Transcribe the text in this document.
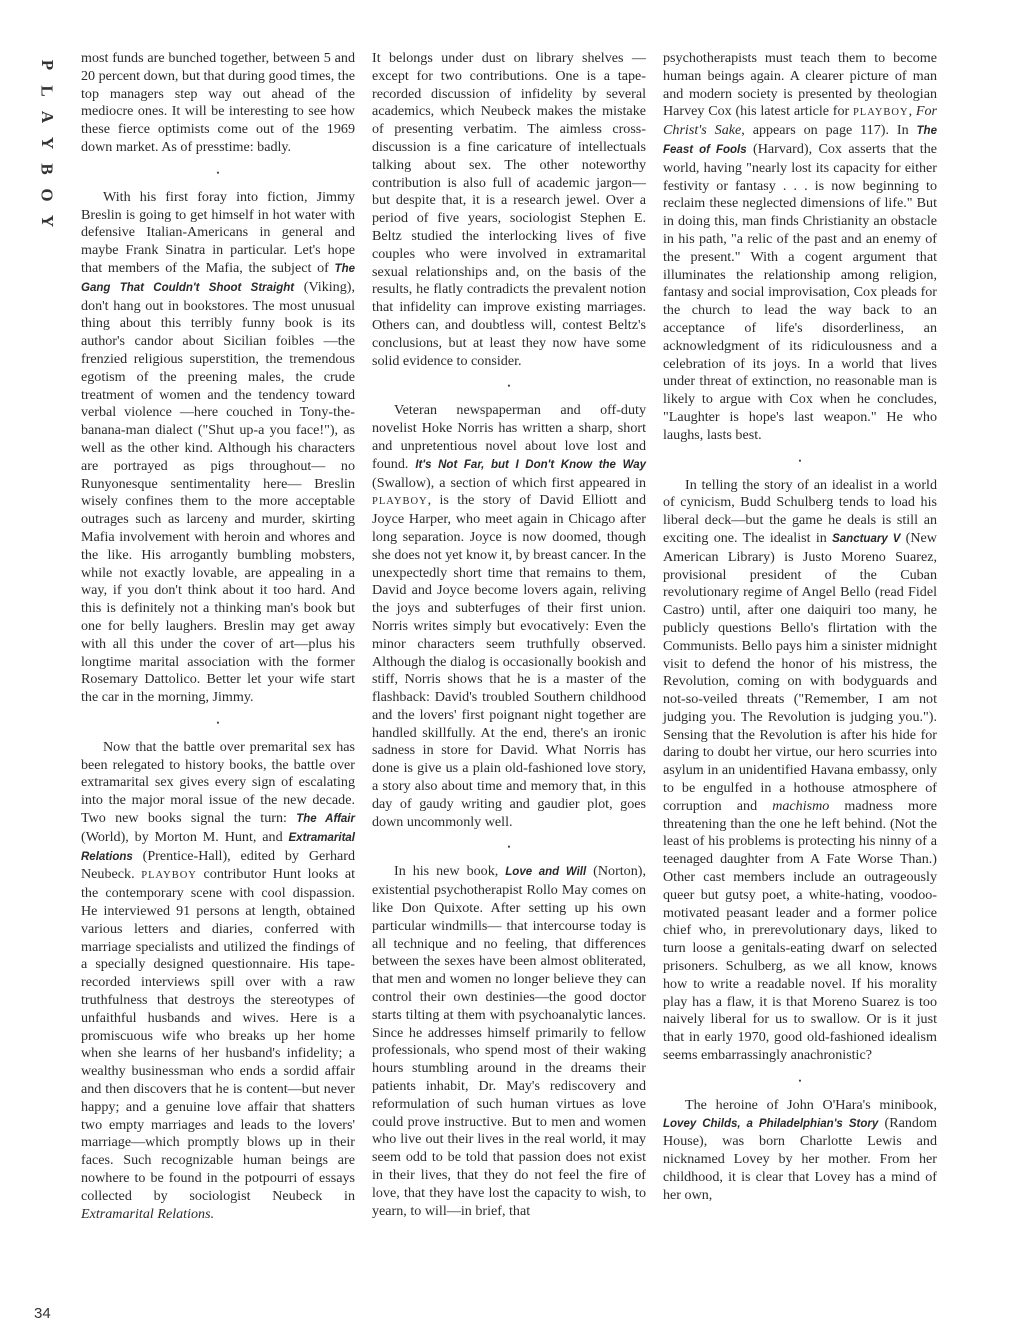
P
L
A
Y
B
O
Y

most funds are bunched together, between 5 and 20 percent down, but that during good times, the top managers step way out ahead of the mediocre ones. It will be interesting to see how these fierce optimists come out of the 1969 down market. As of presstime: badly.

•

With his first foray into fiction, Jimmy Breslin is going to get himself in hot water with defensive Italian-Americans in general and maybe Frank Sinatra in particular. Let's hope that members of the Mafia, the subject of The Gang That Couldn't Shoot Straight (Viking), don't hang out in bookstores. The most unusual thing about this terribly funny book is its author's candor about Sicilian foibles —the frenzied religious superstition, the tremendous egotism of the preening males, the crude treatment of women and the tendency toward verbal violence —here couched in Tony-the-banana-man dialect ("Shut up-a you face!"), as well as the other kind. Although his characters are portrayed as pigs throughout— no Runyonesque sentimentality here— Breslin wisely confines them to the more acceptable outrages such as larceny and murder, skirting Mafia involvement with heroin and whores and the like. His arrogantly bumbling mobsters, while not exactly lovable, are appealing in a way, if you don't think about it too hard. And this is definitely not a thinking man's book but one for belly laughers. Breslin may get away with all this under the cover of art—plus his longtime marital association with the former Rosemary Dattolico. Better let your wife start the car in the morning, Jimmy.

•

Now that the battle over premarital sex has been relegated to history books, the battle over extramarital sex gives every sign of escalating into the major moral issue of the new decade. Two new books signal the turn: The Affair (World), by Morton M. Hunt, and Extramarital Relations (Prentice-Hall), edited by Gerhard Neubeck. PLAYBOY contributor Hunt looks at the contemporary scene with cool dispassion. He interviewed 91 persons at length, obtained various letters and diaries, conferred with marriage specialists and utilized the findings of a specially designed questionnaire. His tape-recorded interviews spill over with a raw truthfulness that destroys the stereotypes of unfaithful husbands and wives. Here is a promiscuous wife who breaks up her home when she learns of her husband's infidelity; a wealthy businessman who ends a sordid affair and then discovers that he is content—but never happy; and a genuine love affair that shatters two empty marriages and leads to the lovers' marriage—which promptly blows up in their faces. Such recognizable human beings are nowhere to be found in the potpourri of essays collected by sociologist Neubeck in Extramarital Relations.

It belongs under dust on library shelves —except for two contributions. One is a tape-recorded discussion of infidelity by several academics, which Neubeck makes the mistake of presenting verbatim. The aimless cross-discussion is a fine caricature of intellectuals talking about sex. The other noteworthy contribution is also full of academic jargon—but despite that, it is a research jewel. Over a period of five years, sociologist Stephen E. Beltz studied the interlocking lives of five couples who were involved in extramarital sexual relationships and, on the basis of the results, he flatly contradicts the prevalent notion that infidelity can improve existing marriages. Others can, and doubtless will, contest Beltz's conclusions, but at least they now have some solid evidence to consider.

•

Veteran newspaperman and off-duty novelist Hoke Norris has written a sharp, short and unpretentious novel about love lost and found. It's Not Far, but I Don't Know the Way (Swallow), a section of which first appeared in PLAYBOY, is the story of David Elliott and Joyce Harper, who meet again in Chicago after long separation. Joyce is now doomed, though she does not yet know it, by breast cancer. In the unexpectedly short time that remains to them, David and Joyce become lovers again, reliving the joys and subterfuges of their first union. Norris writes simply but evocatively: Even the minor characters seem truthfully observed. Although the dialog is occasionally bookish and stiff, Norris shows that he is a master of the flashback: David's troubled Southern childhood and the lovers' first poignant night together are handled skillfully. At the end, there's an ironic sadness in store for David. What Norris has done is give us a plain old-fashioned love story, a story also about time and memory that, in this day of gaudy writing and gaudier plot, goes down uncommonly well.

•

In his new book, Love and Will (Norton), existential psychotherapist Rollo May comes on like Don Quixote. After setting up his own particular windmills— that intercourse today is all technique and no feeling, that differences between the sexes have been almost obliterated, that men and women no longer believe they can control their own destinies—the good doctor starts tilting at them with psychoanalytic lances. Since he addresses himself primarily to fellow professionals, who spend most of their waking hours stumbling around in the dreams their patients inhabit, Dr. May's rediscovery and reformulation of such human virtues as love could prove instructive. But to men and women who live out their lives in the real world, it may seem odd to be told that passion does not exist in their lives, that they do not feel the fire of love, that they have lost the capacity to wish, to yearn, to will—in brief, that

psychotherapists must teach them to become human beings again. A clearer picture of man and modern society is presented by theologian Harvey Cox (his latest article for PLAYBOY, For Christ's Sake, appears on page 117). In The Feast of Fools (Harvard), Cox asserts that the world, having "nearly lost its capacity for either festivity or fantasy . . . is now beginning to reclaim these neglected dimensions of life." But in doing this, man finds Christianity an obstacle in his path, "a relic of the past and an enemy of the present." With a cogent argument that illuminates the relationship among religion, fantasy and social improvisation, Cox pleads for the church to lead the way back to an acceptance of life's disorderliness, an acknowledgment of its ridiculousness and a celebration of its joys. In a world that lives under threat of extinction, no reasonable man is likely to argue with Cox when he concludes, "Laughter is hope's last weapon." He who laughs, lasts best.

•

In telling the story of an idealist in a world of cynicism, Budd Schulberg tends to load his liberal deck—but the game he deals is still an exciting one. The idealist in Sanctuary V (New American Library) is Justo Moreno Suarez, provisional president of the Cuban revolutionary regime of Angel Bello (read Fidel Castro) until, after one daiquiri too many, he publicly questions Bello's flirtation with the Communists. Bello pays him a sinister midnight visit to defend the honor of his mistress, the Revolution, coming on with bodyguards and not-so-veiled threats ("Remember, I am not judging you. The Revolution is judging you."). Sensing that the Revolution is after his hide for daring to doubt her virtue, our hero scurries into asylum in an unidentified Havana embassy, only to be engulfed in a hothouse atmosphere of corruption and machismo madness more threatening than the one he left behind. (Not the least of his problems is protecting his ninny of a teenaged daughter from A Fate Worse Than.) Other cast members include an outrageously queer but gutsy poet, a white-hating, voodoo-motivated peasant leader and a former police chief who, in prerevolutionary days, liked to turn loose a genitals-eating dwarf on selected prisoners. Schulberg, as we all know, knows how to write a readable novel. If his morality play has a flaw, it is that Moreno Suarez is too naively liberal for us to swallow. Or is it just that in early 1970, good old-fashioned idealism seems embarrassingly anachronistic?

•

The heroine of John O'Hara's minibook, Lovey Childs, a Philadelphian's Story (Random House), was born Charlotte Lewis and nicknamed Lovey by her mother. From her childhood, it is clear that Lovey has a mind of her own,

34
